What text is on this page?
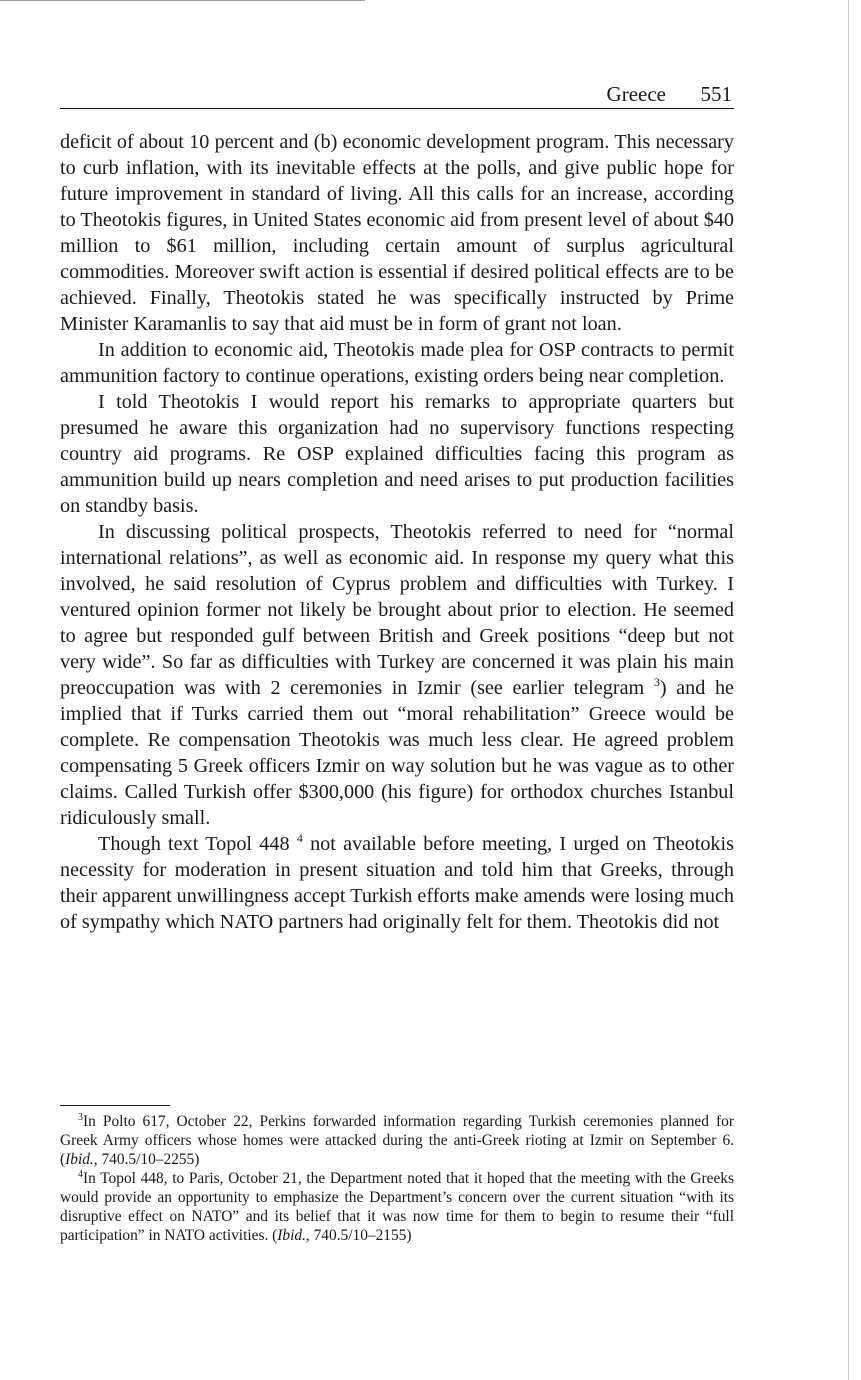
Greece 551

deficit of about 10 percent and (b) economic development program. This necessary to curb inflation, with its inevitable effects at the polls, and give public hope for future improvement in standard of living. All this calls for an increase, according to Theotokis figures, in United States economic aid from present level of about $40 million to $61 million, including certain amount of surplus agricultural commodities. Moreover swift action is essential if desired political effects are to be achieved. Finally, Theotokis stated he was specifically instructed by Prime Minister Karamanlis to say that aid must be in form of grant not loan.

In addition to economic aid, Theotokis made plea for OSP contracts to permit ammunition factory to continue operations, existing orders being near completion.

I told Theotokis I would report his remarks to appropriate quarters but presumed he aware this organization had no supervisory functions respecting country aid programs. Re OSP explained difficulties facing this program as ammunition build up nears completion and need arises to put production facilities on standby basis.

In discussing political prospects, Theotokis referred to need for “normal international relations”, as well as economic aid. In response my query what this involved, he said resolution of Cyprus problem and difficulties with Turkey. I ventured opinion former not likely be brought about prior to election. He seemed to agree but responded gulf between British and Greek positions “deep but not very wide”. So far as difficulties with Turkey are concerned it was plain his main preoccupation was with 2 ceremonies in Izmir (see earlier telegram $^3$) and he implied that if Turks carried them out “moral rehabilitation” Greece would be complete. Re compensation Theotokis was much less clear. He agreed problem compensating 5 Greek officers Izmir on way solution but he was vague as to other claims. Called Turkish offer $300,000 (his figure) for orthodox churches Istanbul ridiculously small.

Though text Topol 448 $^4$ not available before meeting, I urged on Theotokis necessity for moderation in present situation and told him that Greeks, through their apparent unwillingness accept Turkish efforts make amends were losing much of sympathy which NATO partners had originally felt for them. Theotokis did not

$^3$In Polto 617, October 22, Perkins forwarded information regarding Turkish ceremonies planned for Greek Army officers whose homes were attacked during the anti-Greek rioting at Izmir on September 6. (Ibid., 740.5/10–2255)

$^4$In Topol 448, to Paris, October 21, the Department noted that it hoped that the meeting with the Greeks would provide an opportunity to emphasize the Department’s concern over the current situation “with its disruptive effect on NATO” and its belief that it was now time for them to begin to resume their “full participation” in NATO activities. (Ibid., 740.5/10–2155)
